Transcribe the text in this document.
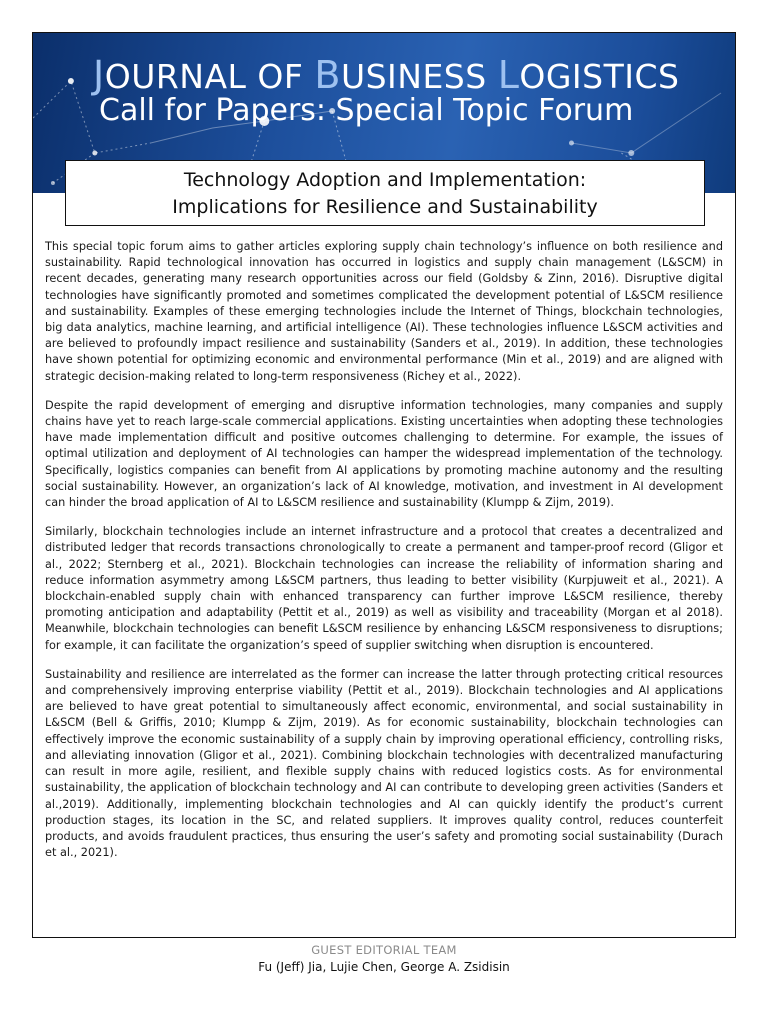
JOURNAL OF BUSINESS LOGISTICS
Call for Papers: Special Topic Forum
Technology Adoption and Implementation:
Implications for Resilience and Sustainability

This special topic forum aims to gather articles exploring supply chain technology’s influence on both resilience and sustainability. Rapid technological innovation has occurred in logistics and supply chain management (L&SCM) in recent decades, generating many research opportunities across our field (Goldsby & Zinn, 2016). Disruptive digital technologies have significantly promoted and sometimes complicated the development potential of L&SCM resilience and sustainability. Examples of these emerging technologies include the Internet of Things, blockchain technologies, big data analytics, machine learning, and artificial intelligence (AI). These technologies influence L&SCM activities and are believed to profoundly impact resilience and sustainability (Sanders et al., 2019). In addition, these technologies have shown potential for optimizing economic and environmental performance (Min et al., 2019) and are aligned with strategic decision-making related to long-term responsiveness (Richey et al., 2022).

Despite the rapid development of emerging and disruptive information technologies, many companies and supply chains have yet to reach large-scale commercial applications. Existing uncertainties when adopting these technologies have made implementation difficult and positive outcomes challenging to determine. For example, the issues of optimal utilization and deployment of AI technologies can hamper the widespread implementation of the technology. Specifically, logistics companies can benefit from AI applications by promoting machine autonomy and the resulting social sustainability. However, an organization’s lack of AI knowledge, motivation, and investment in AI development can hinder the broad application of AI to L&SCM resilience and sustainability (Klumpp & Zijm, 2019).

Similarly, blockchain technologies include an internet infrastructure and a protocol that creates a decentralized and distributed ledger that records transactions chronologically to create a permanent and tamper-proof record (Gligor et al., 2022; Sternberg et al., 2021). Blockchain technologies can increase the reliability of information sharing and reduce information asymmetry among L&SCM partners, thus leading to better visibility (Kurpjuweit et al., 2021). A blockchain-enabled supply chain with enhanced transparency can further improve L&SCM resilience, thereby promoting anticipation and adaptability (Pettit et al., 2019) as well as visibility and traceability (Morgan et al 2018). Meanwhile, blockchain technologies can benefit L&SCM resilience by enhancing L&SCM responsiveness to disruptions; for example, it can facilitate the organization’s speed of supplier switching when disruption is encountered.

Sustainability and resilience are interrelated as the former can increase the latter through protecting critical resources and comprehensively improving enterprise viability (Pettit et al., 2019). Blockchain technologies and AI applications are believed to have great potential to simultaneously affect economic, environmental, and social sustainability in L&SCM (Bell & Griffis, 2010; Klumpp & Zijm, 2019). As for economic sustainability, blockchain technologies can effectively improve the economic sustainability of a supply chain by improving operational efficiency, controlling risks, and alleviating innovation (Gligor et al., 2021). Combining blockchain technologies with decentralized manufacturing can result in more agile, resilient, and flexible supply chains with reduced logistics costs. As for environmental sustainability, the application of blockchain technology and AI can contribute to developing green activities (Sanders et al.,2019). Additionally, implementing blockchain technologies and AI can quickly identify the product’s current production stages, its location in the SC, and related suppliers. It improves quality control, reduces counterfeit products, and avoids fraudulent practices, thus ensuring the user’s safety and promoting social sustainability (Durach et al., 2021).

GUEST EDITORIAL TEAM
Fu (Jeff) Jia, Lujie Chen, George A. Zsidisin
